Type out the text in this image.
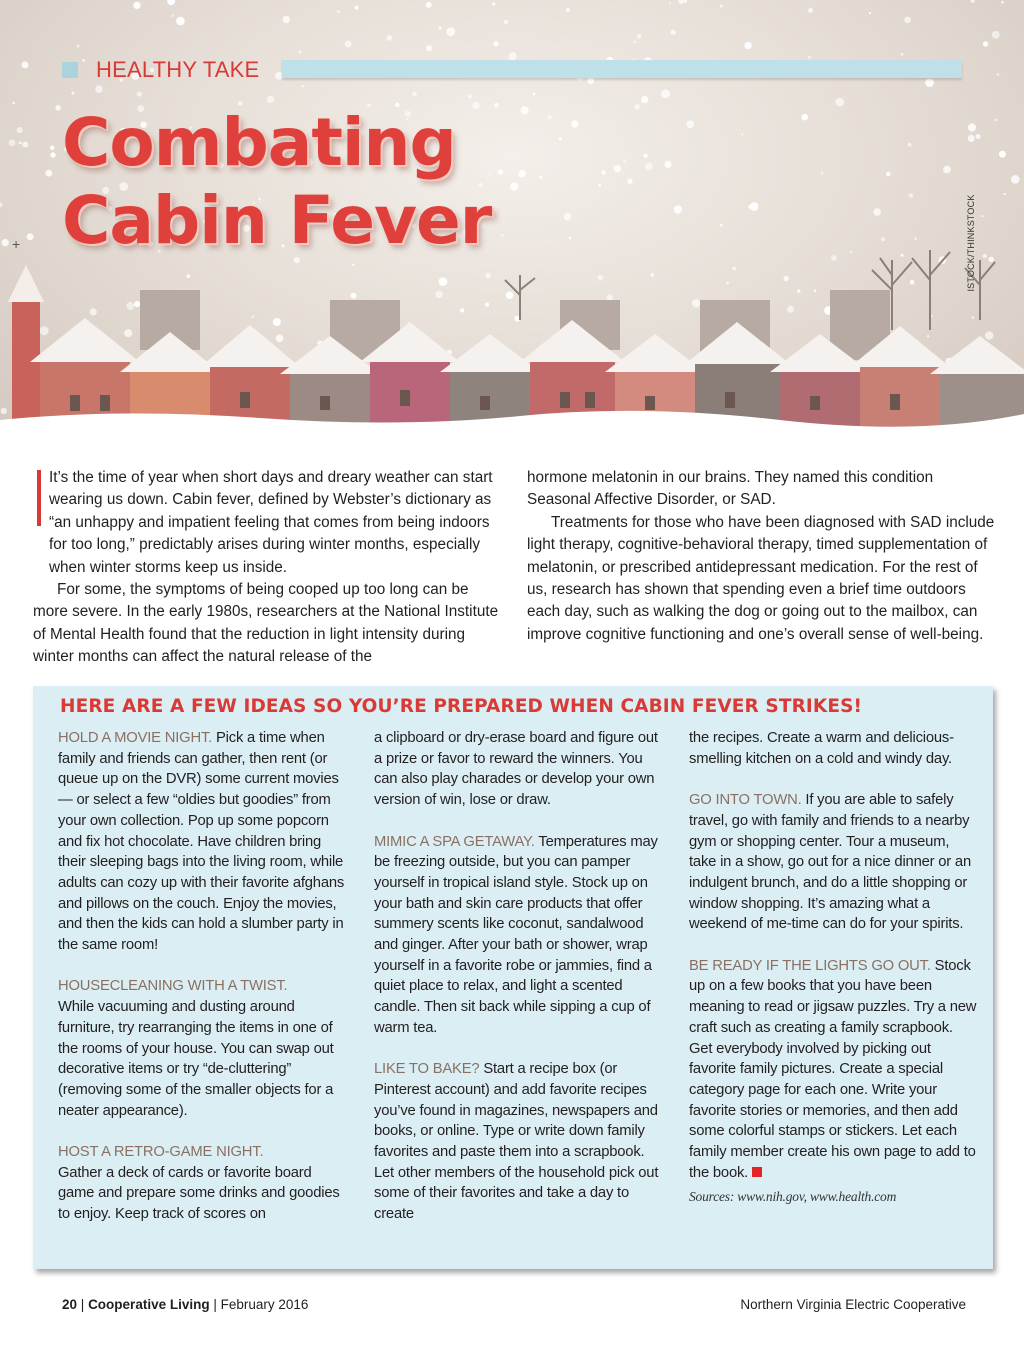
HEALTHY TAKE
Combating
Cabin Fever
+	ISTOCK/THINKSTOCK

It’s the time of year when short days and dreary weather can start wearing us down. Cabin fever, defined by Webster’s dictionary as “an unhappy and impatient feeling that comes from being indoors for too long,” predictably arises during winter months, especially when winter storms keep us inside.

For some, the symptoms of being cooped up too long can be more severe. In the early 1980s, researchers at the National Institute of Mental Health found that the reduction in light intensity during winter months can affect the natural release of the

hormone melatonin in our brains. They named this condition Seasonal Affective Disorder, or SAD.

Treatments for those who have been diagnosed with SAD include light therapy, cognitive-behavioral therapy, timed supplementation of melatonin, or prescribed antidepressant medication. For the rest of us, research has shown that spending even a brief time outdoors each day, such as walking the dog or going out to the mailbox, can improve cognitive functioning and one’s overall sense of well-being.

HERE ARE A FEW IDEAS SO YOU’RE PREPARED WHEN CABIN FEVER STRIKES!

HOLD A MOVIE NIGHT. Pick a time when family and friends can gather, then rent (or queue up on the DVR) some current movies — or select a few “oldies but goodies” from your own collection. Pop up some popcorn and fix hot chocolate. Have children bring their sleeping bags into the living room, while adults can cozy up with their favorite afghans and pillows on the couch. Enjoy the movies, and then the kids can hold a slumber party in the same room!

HOUSECLEANING WITH A TWIST.
While vacuuming and dusting around furniture, try rearranging the items in one of the rooms of your house. You can swap out decorative items or try “de-cluttering” (removing some of the smaller objects for a neater appearance).

HOST A RETRO-GAME NIGHT.
Gather a deck of cards or favorite board game and prepare some drinks and goodies to enjoy. Keep track of scores on

a clipboard or dry-erase board and figure out a prize or favor to reward the winners. You can also play charades or develop your own version of win, lose or draw.

MIMIC A SPA GETAWAY. Temperatures may be freezing outside, but you can pamper yourself in tropical island style. Stock up on your bath and skin care products that offer summery scents like coconut, sandalwood and ginger. After your bath or shower, wrap yourself in a favorite robe or jammies, find a quiet place to relax, and light a scented candle. Then sit back while sipping a cup of warm tea.

LIKE TO BAKE? Start a recipe box (or Pinterest account) and add favorite recipes you’ve found in magazines, newspapers and books, or online. Type or write down family favorites and paste them into a scrapbook. Let other members of the household pick out some of their favorites and take a day to create

the recipes. Create a warm and delicious-smelling kitchen on a cold and windy day.

GO INTO TOWN. If you are able to safely travel, go with family and friends to a nearby gym or shopping center. Tour a museum, take in a show, go out for a nice dinner or an indulgent brunch, and do a little shopping or window shopping. It’s amazing what a weekend of me-time can do for your spirits.

BE READY IF THE LIGHTS GO OUT. Stock up on a few books that you have been meaning to read or jigsaw puzzles. Try a new craft such as creating a family scrapbook. Get everybody involved by picking out favorite family pictures. Create a special category page for each one. Write your favorite stories or memories, and then add some colorful stamps or stickers. Let each family member create his own page to add to the book.

Sources: www.nih.gov, www.health.com
20 | Cooperative Living | February 2016	Northern Virginia Electric Cooperative
